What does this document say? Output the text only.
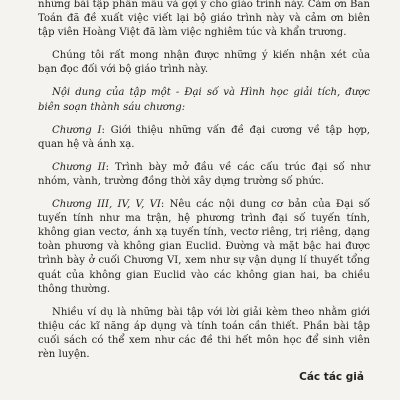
những bài tập phần mẫu và gợi ý cho giáo trình này. Cảm ơn Ban Toán đã đề xuất việc viết lại bộ giáo trình này và cảm ơn biên tập viên Hoàng Việt đã làm việc nghiêm túc và khẩn trương.

Chúng tôi rất mong nhận được những ý kiến nhận xét của bạn đọc đối với bộ giáo trình này.

Nội dung của tập một - Đại số và Hình học giải tích, được biên soạn thành sáu chương:

Chương I: Giới thiệu những vấn đề đại cương về tập hợp, quan hệ và ánh xạ.

Chương II: Trình bày mở đầu về các cấu trúc đại số như nhóm, vành, trường đồng thời xây dựng trường số phức.

Chương III, IV, V, VI: Nêu các nội dung cơ bản của Đại số tuyến tính như ma trận, hệ phương trình đại số tuyến tính, không gian vectơ, ánh xạ tuyến tính, vectơ riêng, trị riêng, dạng toàn phương và không gian Euclid. Đường và mặt bậc hai được trình bày ở cuối Chương VI, xem như sự vận dụng lí thuyết tổng quát của không gian Euclid vào các không gian hai, ba chiều thông thường.

Nhiều ví dụ là những bài tập với lời giải kèm theo nhằm giới thiệu các kĩ năng áp dụng và tính toán cần thiết. Phần bài tập cuối sách có thể xem như các đề thi hết môn học để sinh viên rèn luyện.

Các tác giả
